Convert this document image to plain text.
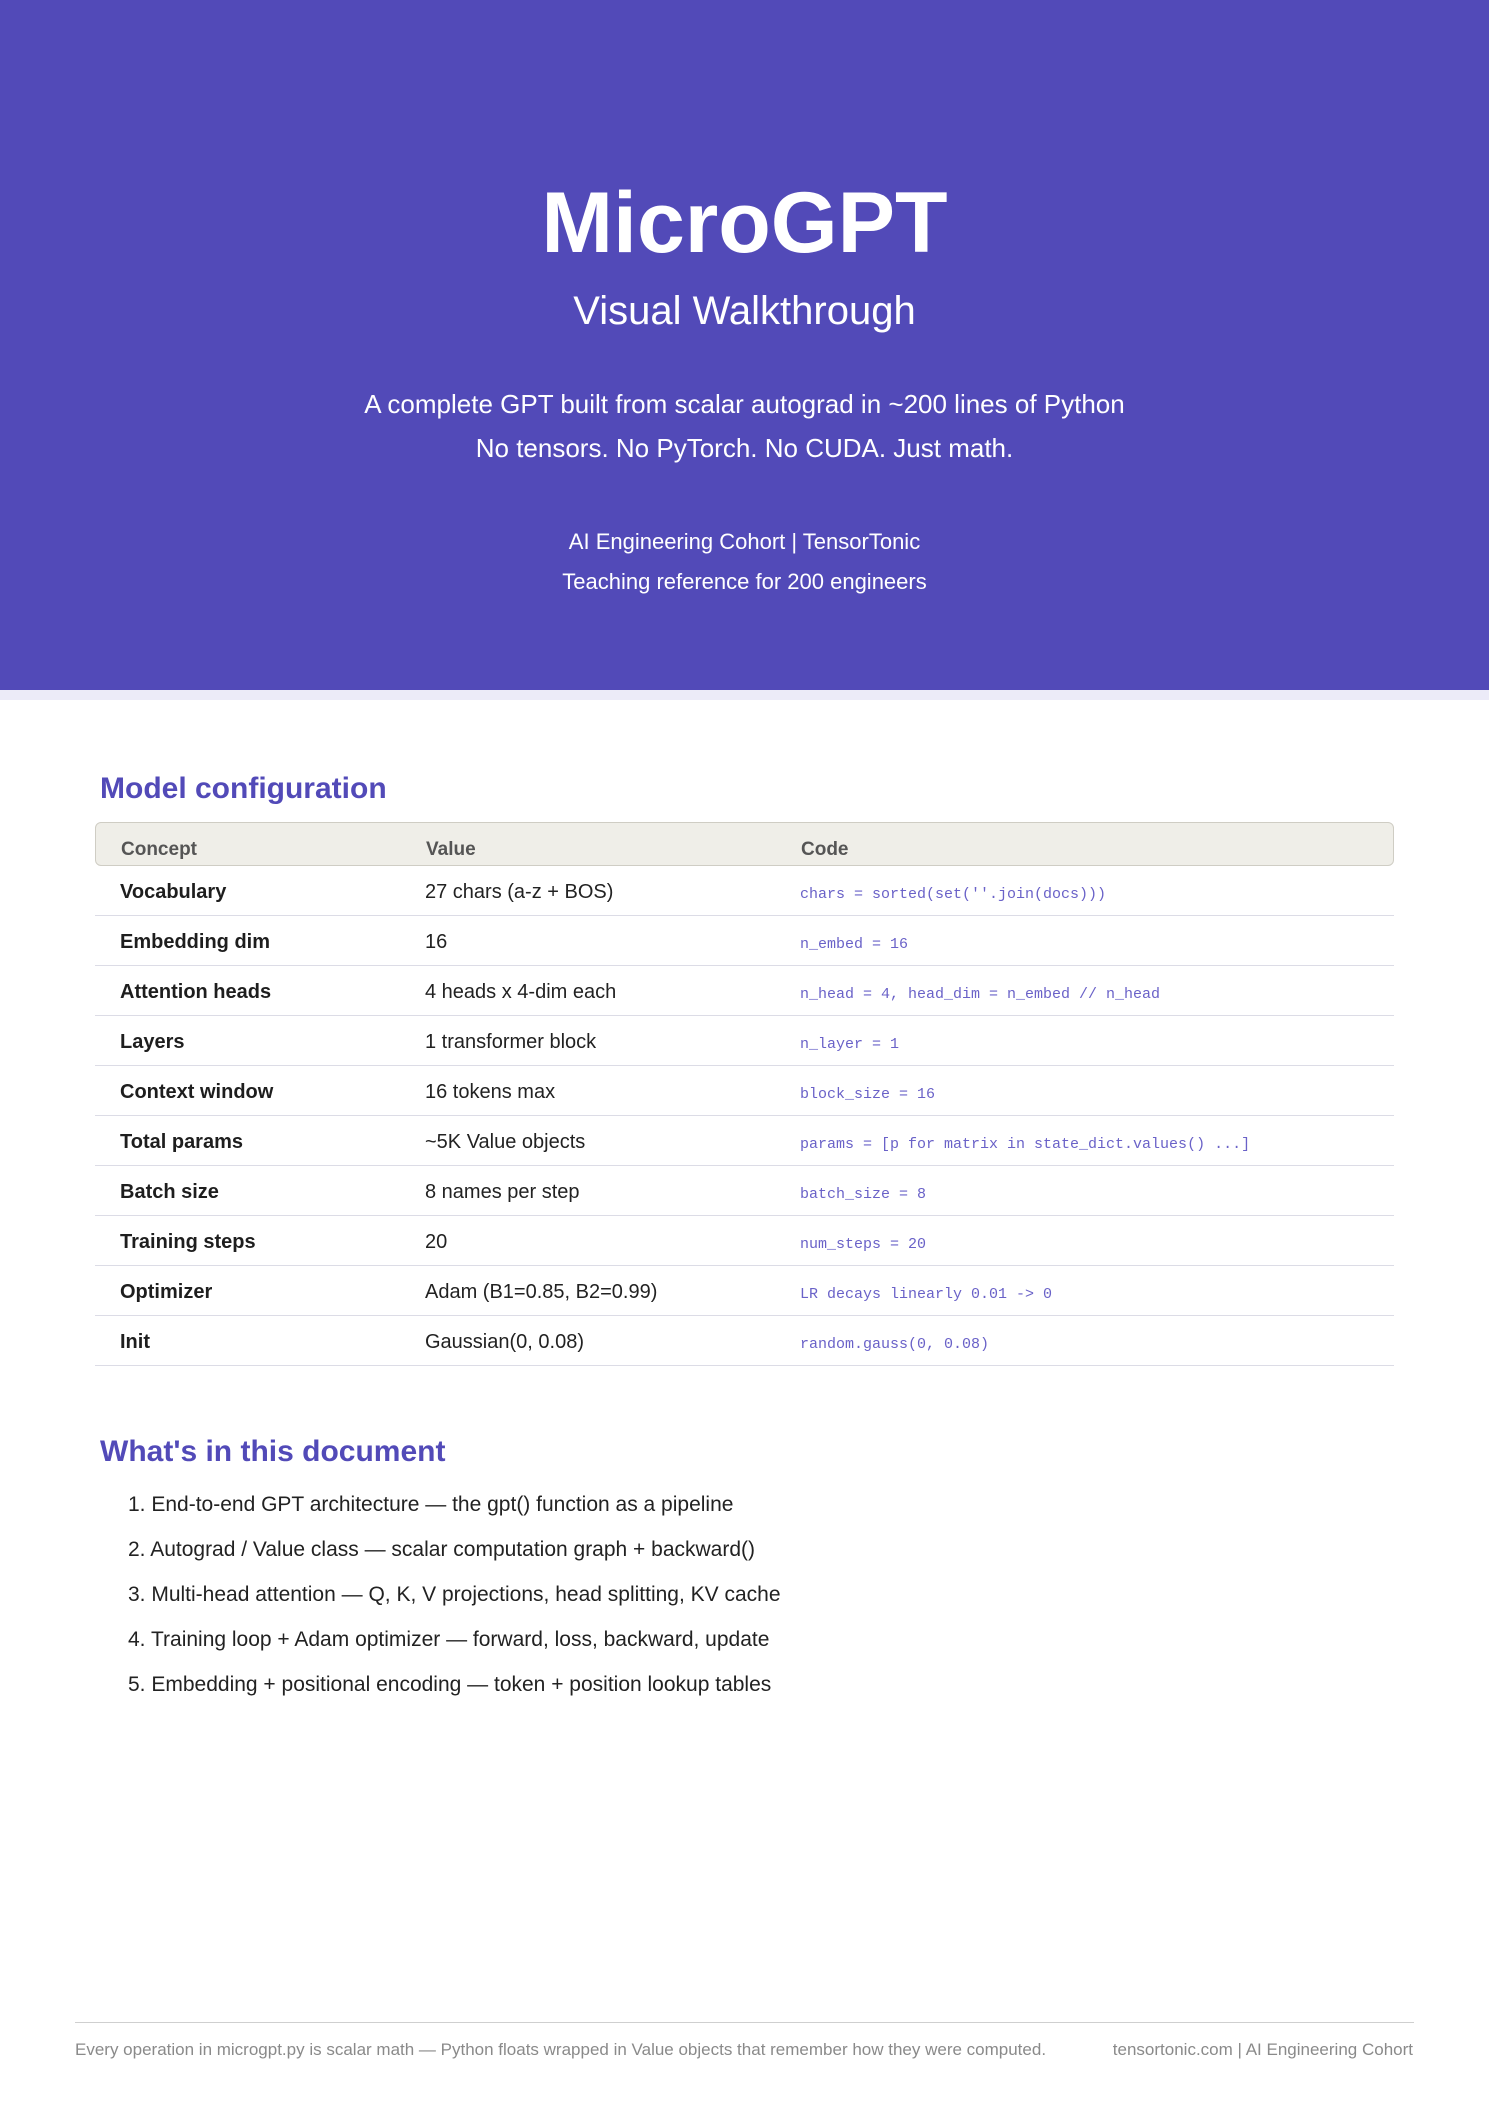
MicroGPT
Visual Walkthrough
A complete GPT built from scalar autograd in ~200 lines of Python
No tensors. No PyTorch. No CUDA. Just math.
AI Engineering Cohort | TensorTonic
Teaching reference for 200 engineers
Model configuration
Concept	Value	Code
Vocabulary	27 chars (a-z + BOS)	chars = sorted(set(''.join(docs)))
Embedding dim	16	n_embed = 16
Attention heads	4 heads x 4-dim each	n_head = 4, head_dim = n_embed // n_head
Layers	1 transformer block	n_layer = 1
Context window	16 tokens max	block_size = 16
Total params	~5K Value objects	params = [p for matrix in state_dict.values() ...]
Batch size	8 names per step	batch_size = 8
Training steps	20	num_steps = 20
Optimizer	Adam (B1=0.85, B2=0.99)	LR decays linearly 0.01 -> 0
Init	Gaussian(0, 0.08)	random.gauss(0, 0.08)
What's in this document
1. End-to-end GPT architecture — the gpt() function as a pipeline
2. Autograd / Value class — scalar computation graph + backward()
3. Multi-head attention — Q, K, V projections, head splitting, KV cache
4. Training loop + Adam optimizer — forward, loss, backward, update
5. Embedding + positional encoding — token + position lookup tables
Every operation in microgpt.py is scalar math — Python floats wrapped in Value objects that remember how they were computed.	tensortonic.com | AI Engineering Cohort
